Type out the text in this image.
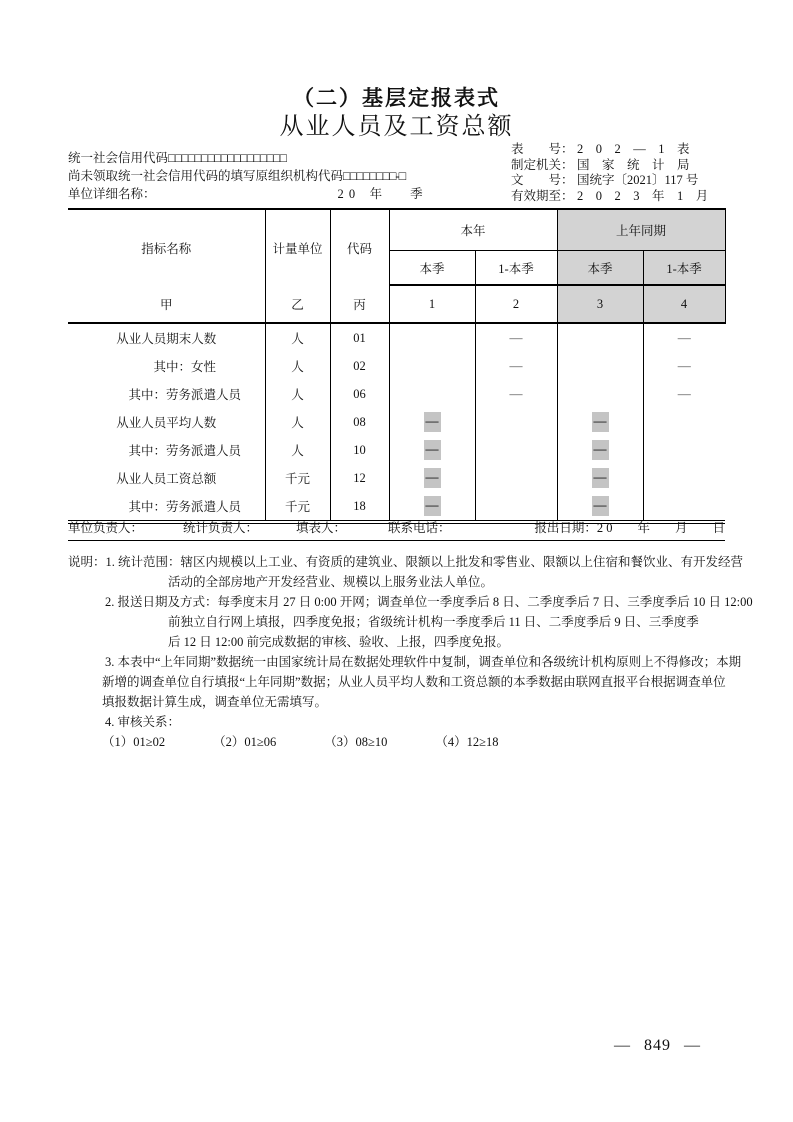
（二）基层定报表式
从业人员及工资总额
统一社会信用代码 □□□□□□□□□□□□□□□□□□
尚未领取统一社会信用代码的填写原组织机构代码 □□□□□□□□-□
单位详细名称：	2 0　年　　季
表　　号： 2　0　2　—　1　表
制定机关： 国　家　统　计　局
文　　号： 国统字〔2021〕117 号
有效期至： 2　0　2　3　年　1　月
指标名称	计量单位	代码	本年		上年同期	
			本季	1-本季	本季	1-本季
甲	乙	丙	1	2	3	4
从业人员期末人数	人	01		—		—
其中：女性	人	02		—		—
其中：劳务派遣人员	人	06		—		—
从业人员平均人数	人	08	—		—	
其中：劳务派遣人员	人	10	—		—	
从业人员工资总额	千元	12	—		—	
其中：劳务派遣人员	千元	18	—		—	
单位负责人：	统计负责人：	填表人：	联系电话：	报出日期：2 0　　年　　月　　日
说明：1. 统计范围：辖区内规模以上工业、有资质的建筑业、限额以上批发和零售业、限额以上住宿和餐饮业、有开发经营
活动的全部房地产开发经营业、规模以上服务业法人单位。
2. 报送日期及方式：每季度末月 27 日 0:00 开网；调查单位一季度季后 8 日、二季度季后 7 日、三季度季后 10 日 12:00
前独立自行网上填报，四季度免报；省级统计机构一季度季后 11 日、二季度季后 9 日、三季度季
后 12 日 12:00 前完成数据的审核、验收、上报，四季度免报。
3. 本表中“上年同期”数据统一由国家统计局在数据处理软件中复制，调查单位和各级统计机构原则上不得修改；本期
新增的调查单位自行填报“上年同期”数据；从业人员平均人数和工资总额的本季数据由联网直报平台根据调查单位
填报数据计算生成，调查单位无需填写。
4. 审核关系：
（1）01≥02	（2）01≥06	（3）08≥10	（4）12≥18
— 849 —
